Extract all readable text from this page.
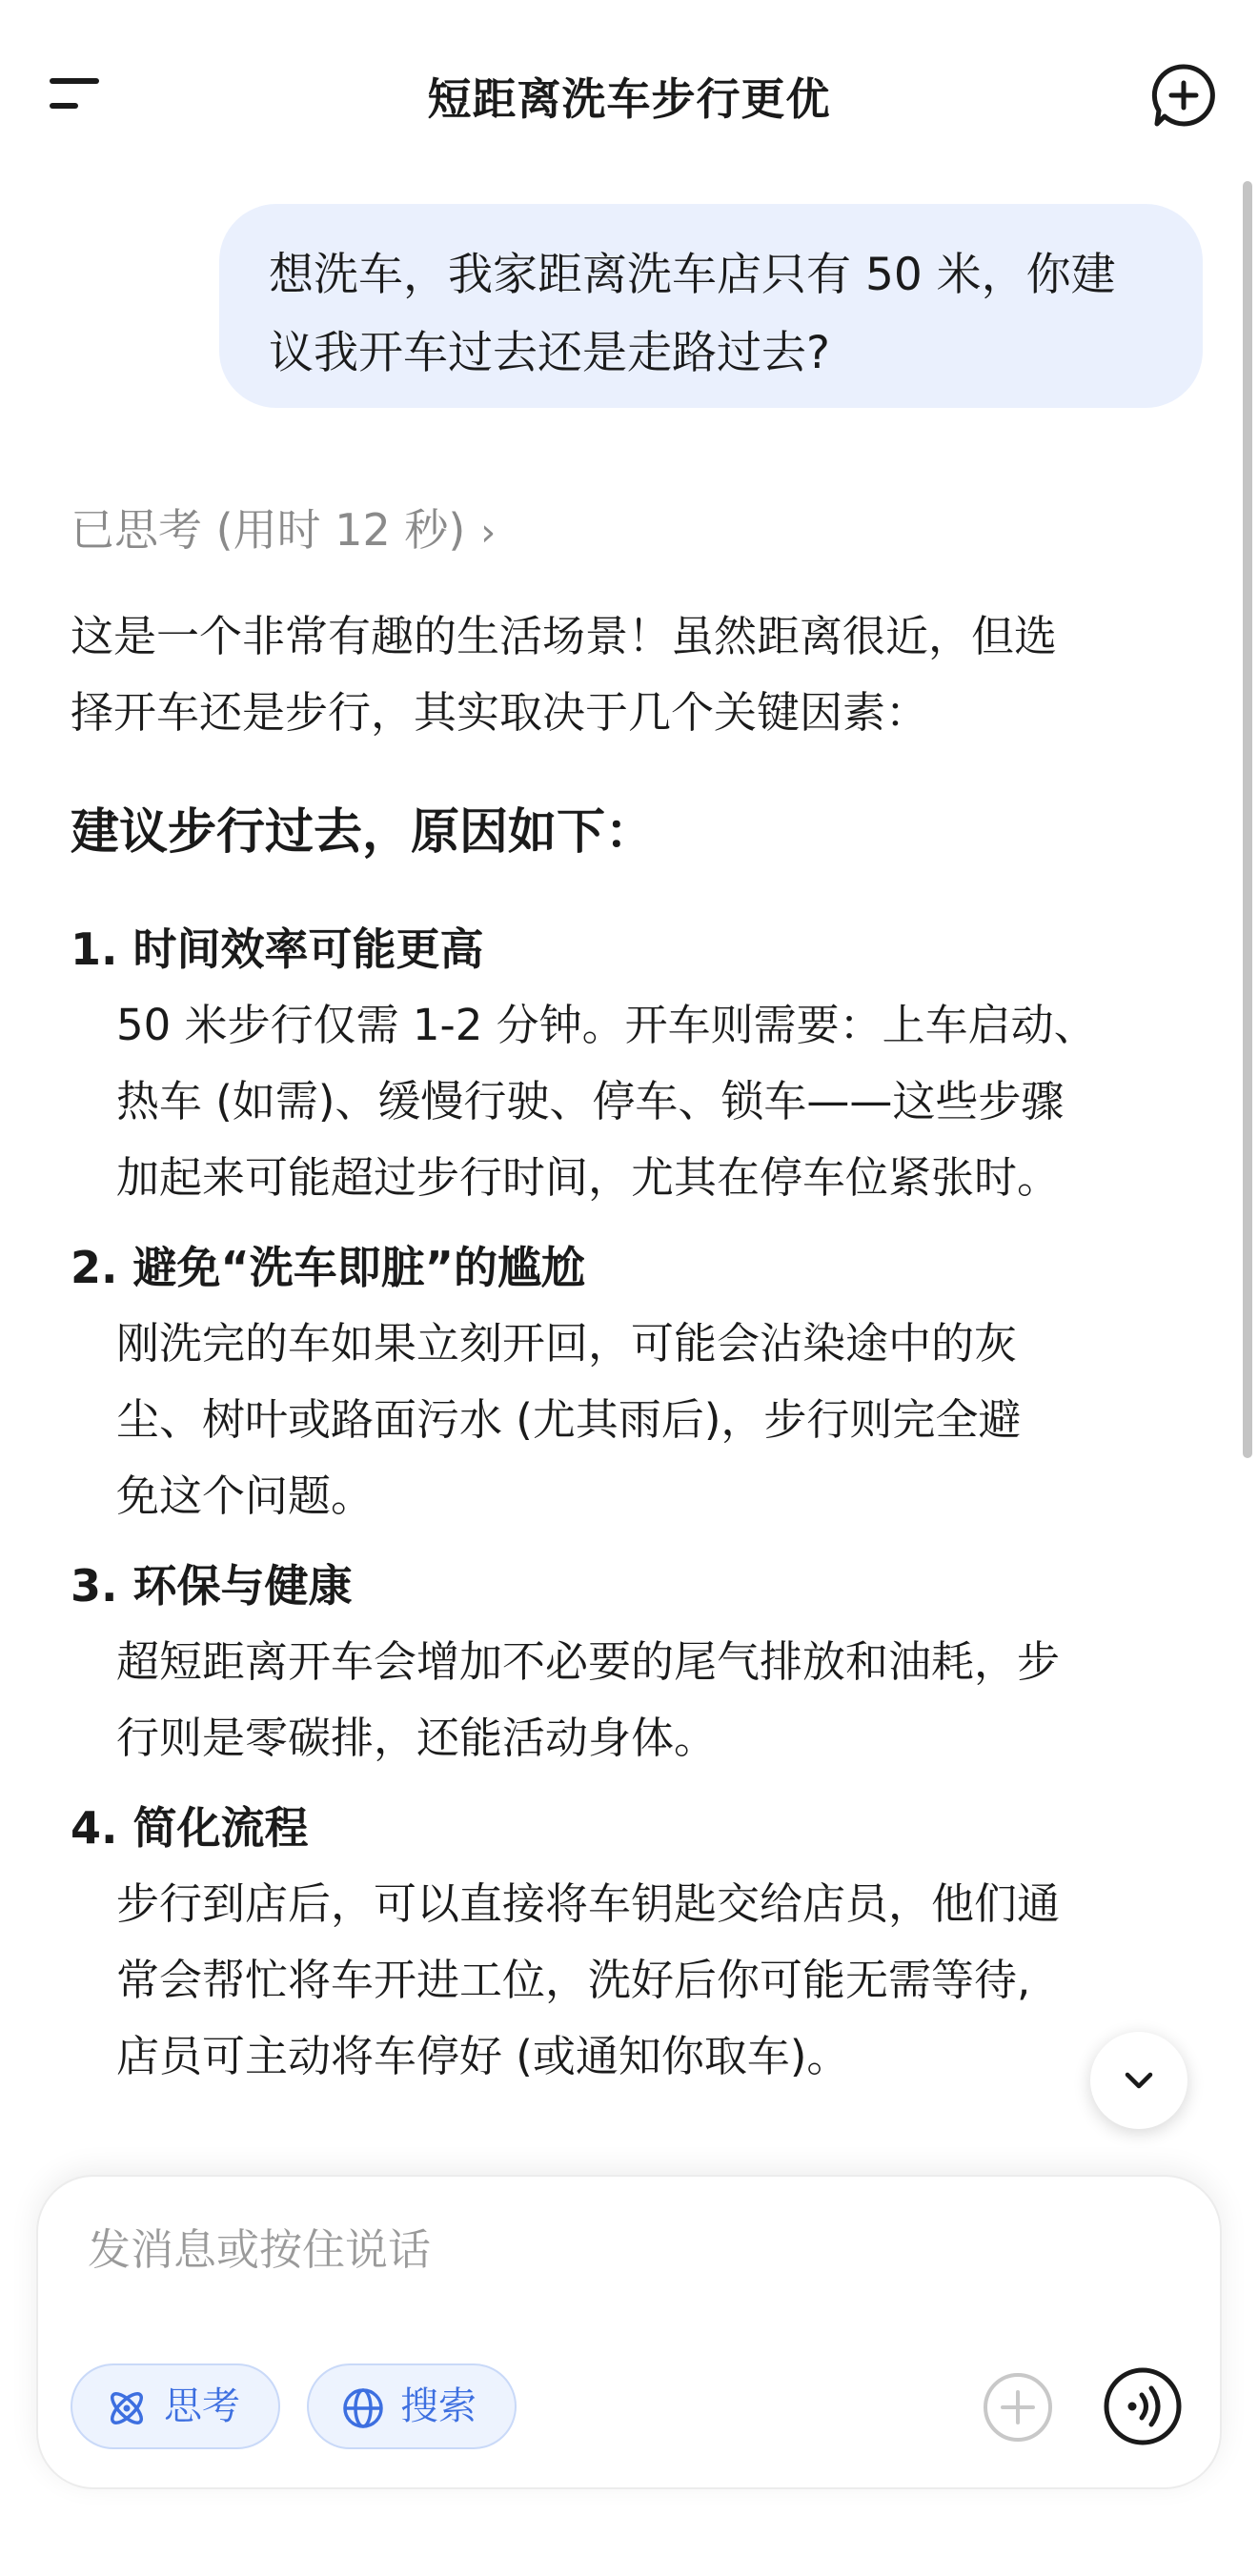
短距离洗车步行更优
想洗车，我家距离洗车店只有 50 米，你建
议我开车过去还是走路过去?
已思考 (用时 12 秒) ›
这是一个非常有趣的生活场景！虽然距离很近，但选
择开车还是步行，其实取决于几个关键因素：
建议步行过去，原因如下：
1. 时间效率可能更高
50 米步行仅需 1-2 分钟。开车则需要：上车启动、
热车 (如需)、缓慢行驶、停车、锁车——这些步骤
加起来可能超过步行时间，尤其在停车位紧张时。
2. 避免“洗车即脏”的尴尬
刚洗完的车如果立刻开回，可能会沾染途中的灰
尘、树叶或路面污水 (尤其雨后)，步行则完全避
免这个问题。
3. 环保与健康
超短距离开车会增加不必要的尾气排放和油耗，步
行则是零碳排，还能活动身体。
4. 简化流程
步行到店后，可以直接将车钥匙交给店员，他们通
常会帮忙将车开进工位，洗好后你可能无需等待,
店员可主动将车停好 (或通知你取车)。
发消息或按住说话
思考	搜索
